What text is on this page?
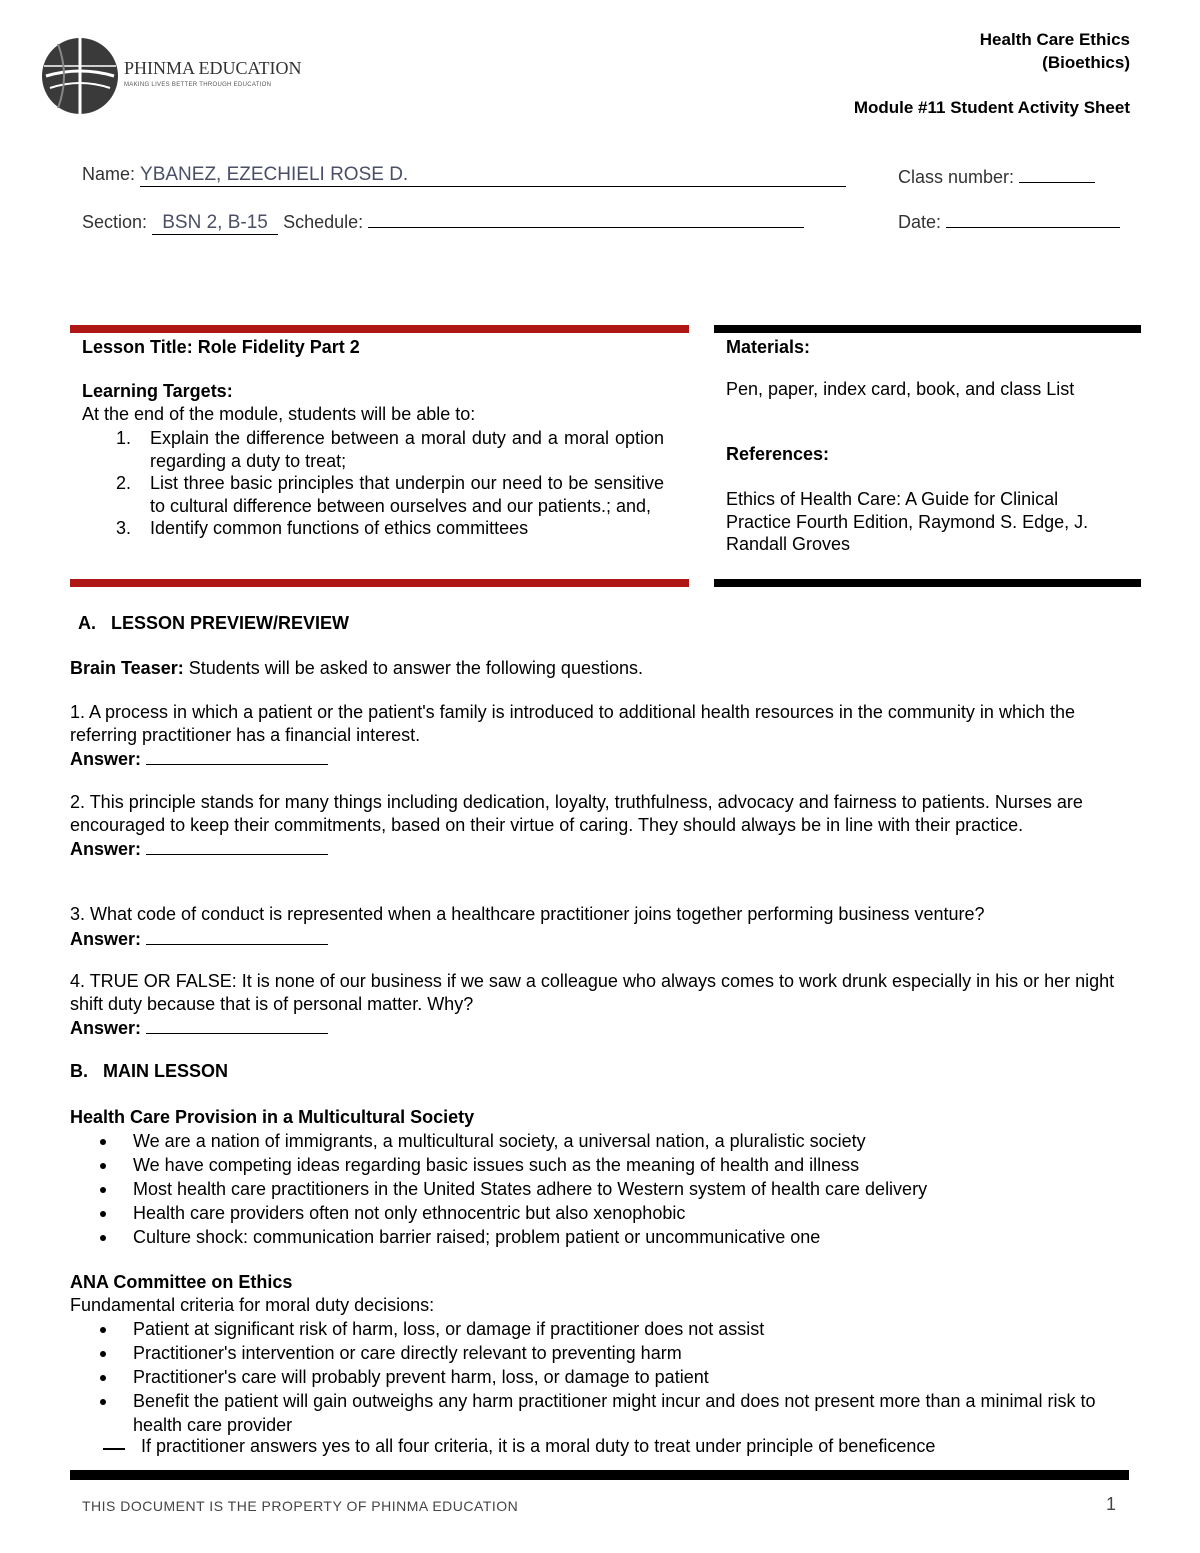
PHINMA EDUCATION
MAKING LIVES BETTER THROUGH EDUCATION
Health Care Ethics
(Bioethics)
Module #11 Student Activity Sheet
Name: YBANEZ, EZECHIELI ROSE D.	Class number:
Section: BSN 2, B-15 Schedule:	Date:
Lesson Title: Role Fidelity Part 2
Learning Targets:
At the end of the module, students will be able to:
1. Explain the difference between a moral duty and a moral option regarding a duty to treat;
2. List three basic principles that underpin our need to be sensitive to cultural difference between ourselves and our patients.; and,
3. Identify common functions of ethics committees
Materials:
Pen, paper, index card, book, and class List
References:
Ethics of Health Care: A Guide for Clinical Practice Fourth Edition, Raymond S. Edge, J. Randall Groves
A.   LESSON PREVIEW/REVIEW
Brain Teaser: Students will be asked to answer the following questions.
1. A process in which a patient or the patient's family is introduced to additional health resources in the community in which the referring practitioner has a financial interest.
Answer:
2. This principle stands for many things including dedication, loyalty, truthfulness, advocacy and fairness to patients. Nurses are encouraged to keep their commitments, based on their virtue of caring. They should always be in line with their practice.
Answer:
3. What code of conduct is represented when a healthcare practitioner joins together performing business venture?
Answer:
4. TRUE OR FALSE: It is none of our business if we saw a colleague who always comes to work drunk especially in his or her night shift duty because that is of personal matter. Why?
Answer:
B.   MAIN LESSON
Health Care Provision in a Multicultural Society
We are a nation of immigrants, a multicultural society, a universal nation, a pluralistic society
We have competing ideas regarding basic issues such as the meaning of health and illness
Most health care practitioners in the United States adhere to Western system of health care delivery
Health care providers often not only ethnocentric but also xenophobic
Culture shock: communication barrier raised; problem patient or uncommunicative one
ANA Committee on Ethics
Fundamental criteria for moral duty decisions:
Patient at significant risk of harm, loss, or damage if practitioner does not assist
Practitioner's intervention or care directly relevant to preventing harm
Practitioner's care will probably prevent harm, loss, or damage to patient
Benefit the patient will gain outweighs any harm practitioner might incur and does not present more than a minimal risk to health care provider
If practitioner answers yes to all four criteria, it is a moral duty to treat under principle of beneficence
THIS DOCUMENT IS THE PROPERTY OF PHINMA EDUCATION	1
